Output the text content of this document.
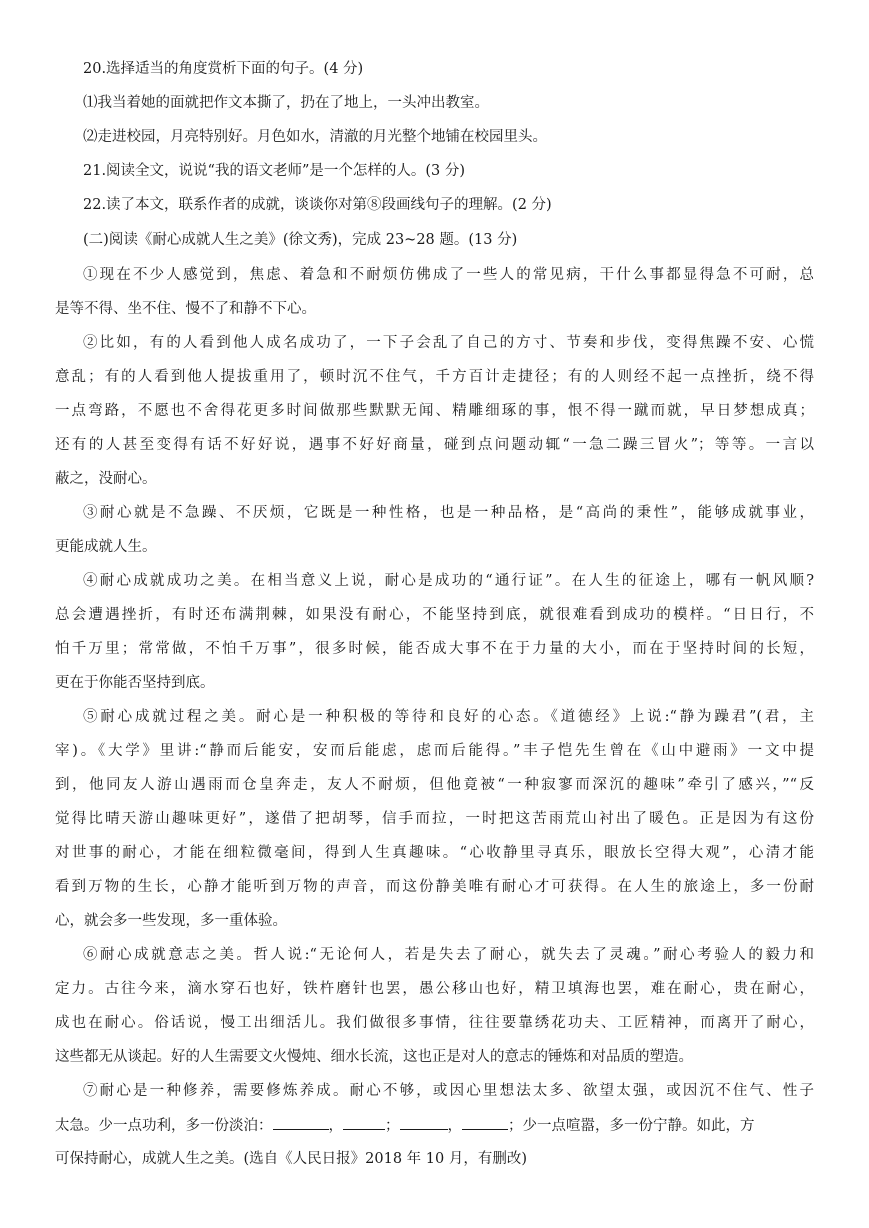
20.选择适当的角度赏析下面的句子。(4 分)
⑴我当着她的面就把作文本撕了，扔在了地上，一头冲出教室。
⑵走进校园，月亮特别好。月色如水，清澈的月光整个地铺在校园里头。
21.阅读全文，说说“我的语文老师”是一个怎样的人。(3 分)
22.读了本文，联系作者的成就，谈谈你对第⑧段画线句子的理解。(2 分)
(二)阅读《耐心成就人生之美》(徐文秀)，完成 23~28 题。(13 分)
①现在不少人感觉到，焦虑、着急和不耐烦仿佛成了一些人的常见病，干什么事都显得急不可耐，总
是等不得、坐不住、慢不了和静不下心。
②比如，有的人看到他人成名成功了，一下子会乱了自己的方寸、节奏和步伐，变得焦躁不安、心慌
意乱；有的人看到他人提拔重用了，顿时沉不住气，千方百计走捷径；有的人则经不起一点挫折，绕不得
一点弯路，不愿也不舍得花更多时间做那些默默无闻、精雕细琢的事，恨不得一蹴而就，早日梦想成真；
还有的人甚至变得有话不好好说，遇事不好好商量，碰到点问题动辄“一急二躁三冒火”；等等。一言以
蔽之，没耐心。
③耐心就是不急躁、不厌烦，它既是一种性格，也是一种品格，是“高尚的秉性”，能够成就事业，
更能成就人生。
④耐心成就成功之美。在相当意义上说，耐心是成功的“通行证”。在人生的征途上，哪有一帆风顺?
总会遭遇挫折，有时还布满荆棘，如果没有耐心，不能坚持到底，就很难看到成功的模样。“日日行，不
怕千万里；常常做，不怕千万事”，很多时候，能否成大事不在于力量的大小，而在于坚持时间的长短，
更在于你能否坚持到底。
⑤耐心成就过程之美。耐心是一种积极的等待和良好的心态。《道德经》上说:“静为躁君”(君，主
宰)。《大学》里讲:“静而后能安，安而后能虑，虑而后能得。”丰子恺先生曾在《山中避雨》一文中提
到，他同友人游山遇雨而仓皇奔走，友人不耐烦，但他竟被“一种寂寥而深沉的趣味”牵引了感兴，”“反
觉得比晴天游山趣味更好”，遂借了把胡琴，信手而拉，一时把这苦雨荒山衬出了暖色。正是因为有这份
对世事的耐心，才能在细粒微毫间，得到人生真趣味。“心收静里寻真乐，眼放长空得大观”，心清才能
看到万物的生长，心静才能听到万物的声音，而这份静美唯有耐心才可获得。在人生的旅途上，多一份耐
心，就会多一些发现，多一重体验。
⑥耐心成就意志之美。哲人说:“无论何人，若是失去了耐心，就失去了灵魂。”耐心考验人的毅力和
定力。古往今来，滴水穿石也好，铁杵磨针也罢，愚公移山也好，精卫填海也罢，难在耐心，贵在耐心，
成也在耐心。俗话说，慢工出细活儿。我们做很多事情，往往要靠绣花功夫、工匠精神，而离开了耐心，
这些都无从谈起。好的人生需要文火慢炖、细水长流，这也正是对人的意志的锤炼和对品质的塑造。
⑦耐心是一种修养，需要修炼养成。耐心不够，或因心里想法太多、欲望太强，或因沉不住气、性子
太急。少一点功利，多一份淡泊：	，	；	，	；少一点喧嚣，多一份宁静。如此，方
可保持耐心，成就人生之美。(选自《人民日报》2018 年 10 月，有删改)
